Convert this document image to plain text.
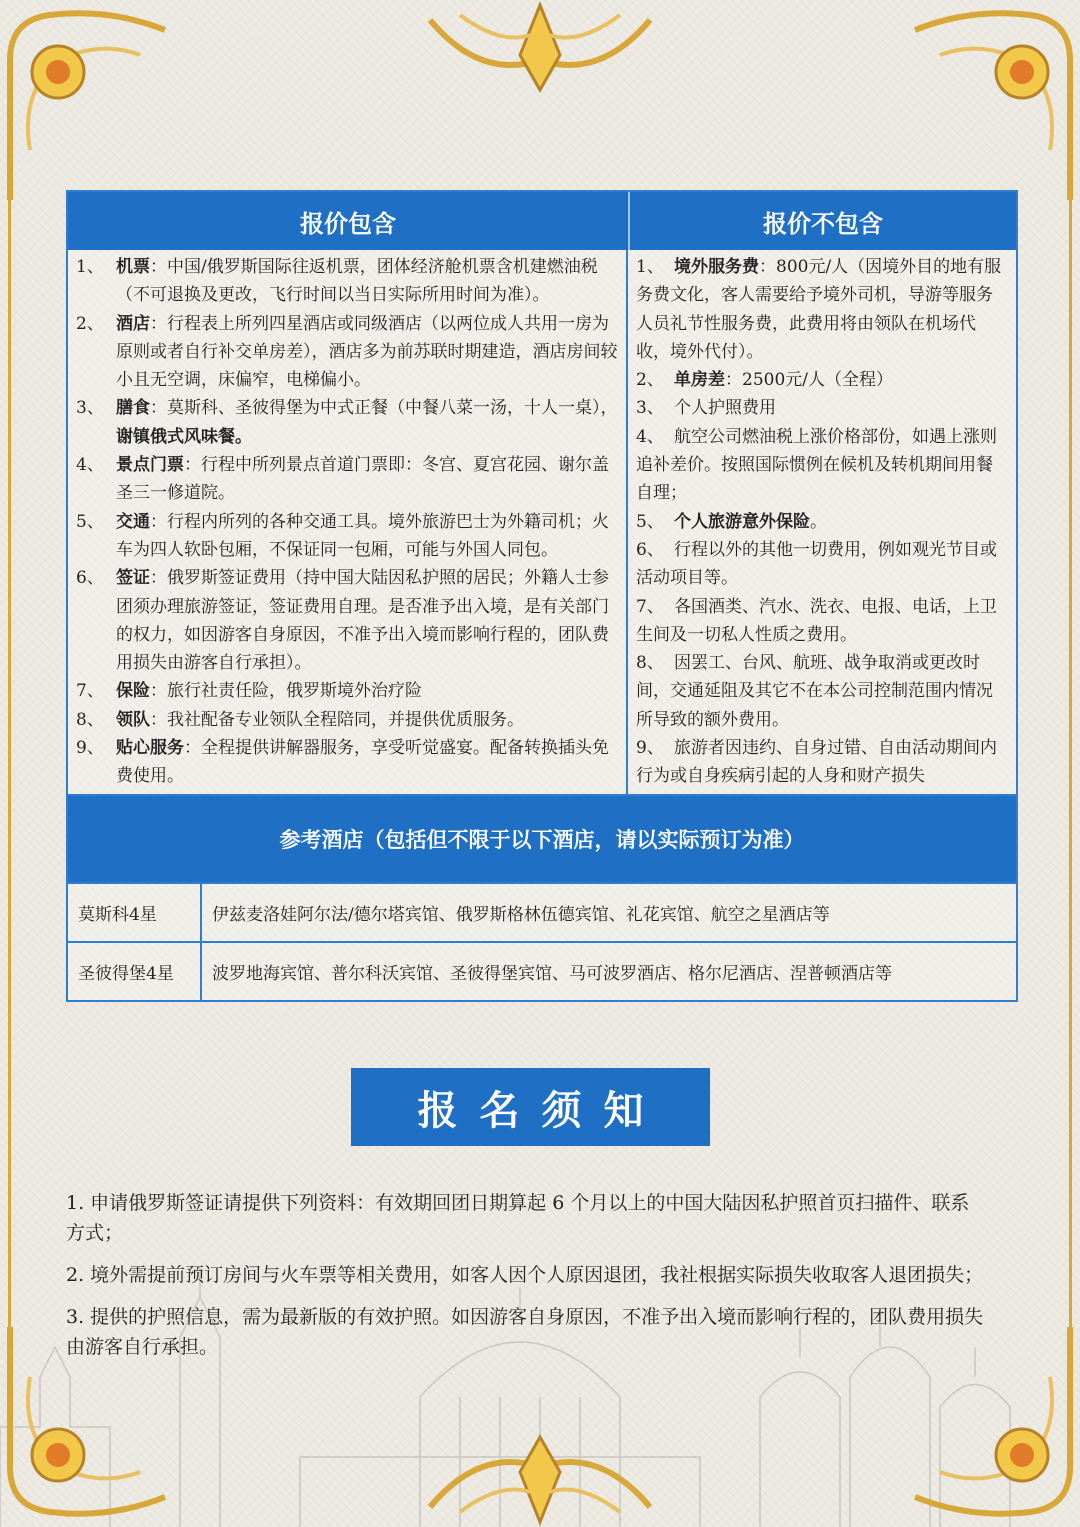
报价包含	报价不包含
1、 机票：中国/俄罗斯国际往返机票，团体经济舱机票含机建燃油税（不可退换及更改，飞行时间以当日实际所用时间为准）。
2、 酒店：行程表上所列四星酒店或同级酒店（以两位成人共用一房为原则或者自行补交单房差），酒店多为前苏联时期建造，酒店房间较小且无空调，床偏窄，电梯偏小。
3、 膳食：莫斯科、圣彼得堡为中式正餐（中餐八菜一汤，十人一桌），谢镇俄式风味餐。
4、 景点门票：行程中所列景点首道门票即：冬宫、夏宫花园、谢尔盖圣三一修道院。
5、 交通：行程内所列的各种交通工具。境外旅游巴士为外籍司机；火车为四人软卧包厢，不保证同一包厢，可能与外国人同包。
6、 签证：俄罗斯签证费用（持中国大陆因私护照的居民；外籍人士参团须办理旅游签证，签证费用自理。是否准予出入境，是有关部门的权力，如因游客自身原因，不准予出入境而影响行程的，团队费用损失由游客自行承担）。
7、 保险：旅行社责任险，俄罗斯境外治疗险
8、 领队：我社配备专业领队全程陪同，并提供优质服务。
9、 贴心服务：全程提供讲解器服务，享受听觉盛宴。配备转换插头免费使用。
1、 境外服务费：800元/人（因境外目的地有服务费文化，客人需要给予境外司机，导游等服务人员礼节性服务费，此费用将由领队在机场代收，境外代付）。
2、 单房差：2500元/人（全程）
3、 个人护照费用
4、 航空公司燃油税上涨价格部份，如遇上涨则追补差价。按照国际惯例在候机及转机期间用餐自理；
5、 个人旅游意外保险。
6、 行程以外的其他一切费用，例如观光节目或活动项目等。
7、 各国酒类、汽水、洗衣、电报、电话，上卫生间及一切私人性质之费用。
8、 因罢工、台风、航班、战争取消或更改时间，交通延阻及其它不在本公司控制范围内情况所导致的额外费用。
9、 旅游者因违约、自身过错、自由活动期间内行为或自身疾病引起的人身和财产损失
参考酒店（包括但不限于以下酒店，请以实际预订为准）
莫斯科4星	伊兹麦洛娃阿尔法/德尔塔宾馆、俄罗斯格林伍德宾馆、礼花宾馆、航空之星酒店等
圣彼得堡4星	波罗地海宾馆、普尔科沃宾馆、圣彼得堡宾馆、马可波罗酒店、格尔尼酒店、涅普顿酒店等
报名须知

1. 申请俄罗斯签证请提供下列资料：有效期回团日期算起 6 个月以上的中国大陆因私护照首页扫描件、联系方式；

2. 境外需提前预订房间与火车票等相关费用，如客人因个人原因退团，我社根据实际损失收取客人退团损失；

3. 提供的护照信息，需为最新版的有效护照。如因游客自身原因，不准予出入境而影响行程的，团队费用损失由游客自行承担。
